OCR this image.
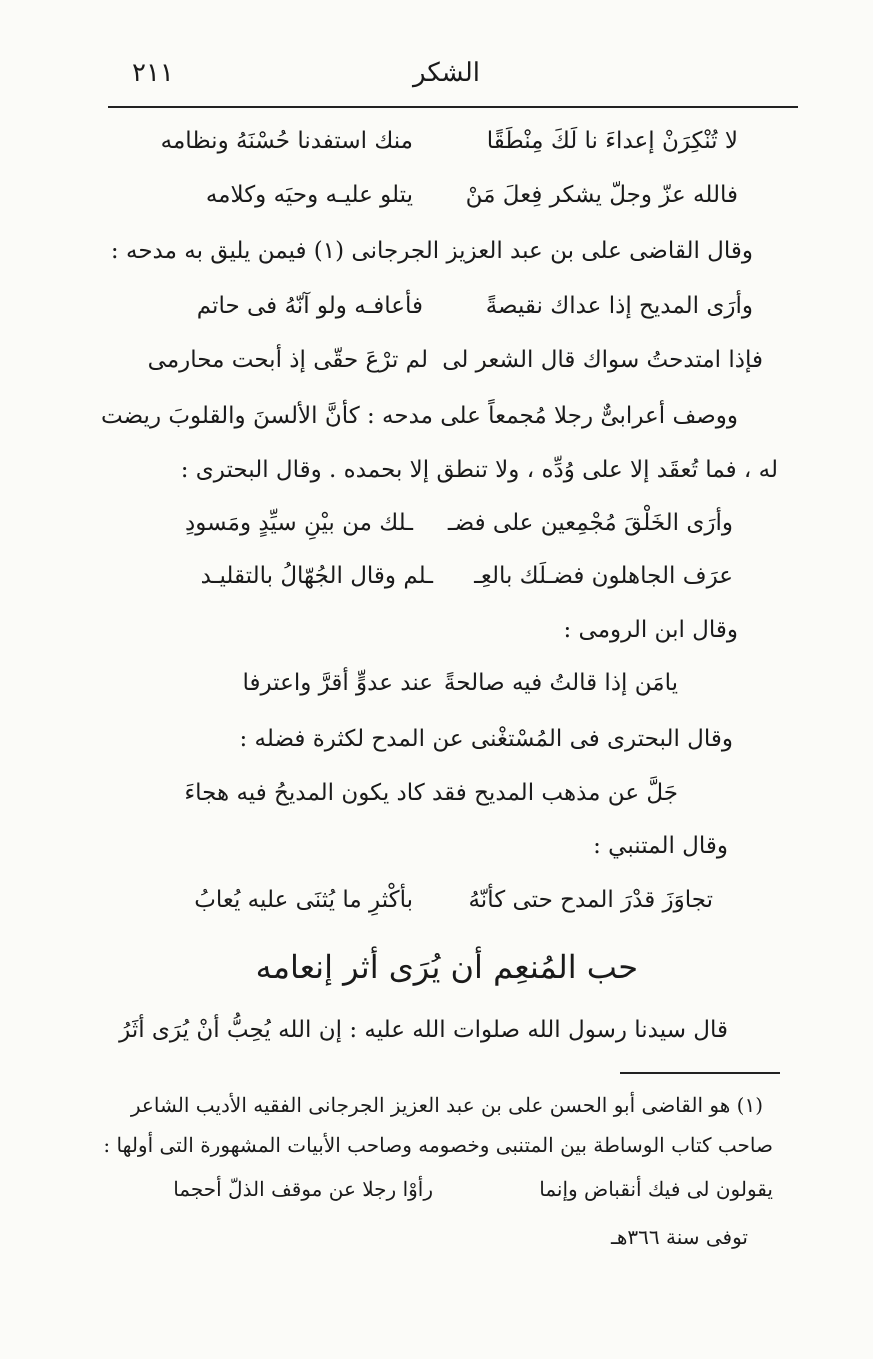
٢١١	الشكر
لا تُنْكِرَنْ إعداءَ نا لَكَ مِنْطَقًا
منك استفدنا حُسْنَهُ ونظامه
فالله عزّ وجلّ يشكر فِعلَ مَنْ
يتلو عليـه وحيَه وكلامه
وقال القاضى على بن عبد العزيز الجرجانى (١) فيمن يليق به مدحه :
وأرَى المديح إذا عداك نقيصةً
فأعافـه ولو آنّهُ فى حاتم
فإذا امتدحتُ سواك قال الشعر لى
لم ترْعَ حقّى إذ أبحت محارمى
ووصف أعرابىٌّ رجلا مُجمعاً على مدحه : كأنَّ الألسنَ والقلوبَ ريضت
له ، فما تُعقَد إلا على وُدِّه ، ولا تنطق إلا بحمده . وقال البحترى :
وأرَى الخَلْقَ مُجْمِعين على فضـ
ـلك من بيْنِ سيِّدٍ ومَسودِ
عرَف الجاهلون فضـلَك بالعِـ
ـلم وقال الجُهّالُ بالتقليـد
وقال ابن الرومى :
يامَن إذا قالتُ فيه صالحةً
عند عدوٍّ أقرَّ واعترفا
وقال البحترى فى المُسْتغْنى عن المدح لكثرة فضله :
جَلَّ عن مذهب المديح فقد كاد يكون المديحُ فيه هجاءَ
وقال المتنبي :
تجاوَزَ قدْرَ المدح حتى كأنّهُ
بأكْثرِ ما يُثنَى عليه يُعابُ
حب المُنعِم أن يُرَى أثر إنعامه
قال سيدنا رسول الله صلوات الله عليه : إن الله يُحِبُّ أنْ يُرَى أثَرُ
(١) هو القاضى أبو الحسن على بن عبد العزيز الجرجانى الفقيه الأديب الشاعر
صاحب كتاب الوساطة بين المتنبى وخصومه وصاحب الأبيات المشهورة التى أولها :
يقولون لى فيك أنقباض وإنما
رأوْا رجلا عن موقف الذلّ أحجما
توفى سنة ٣٦٦هـ
